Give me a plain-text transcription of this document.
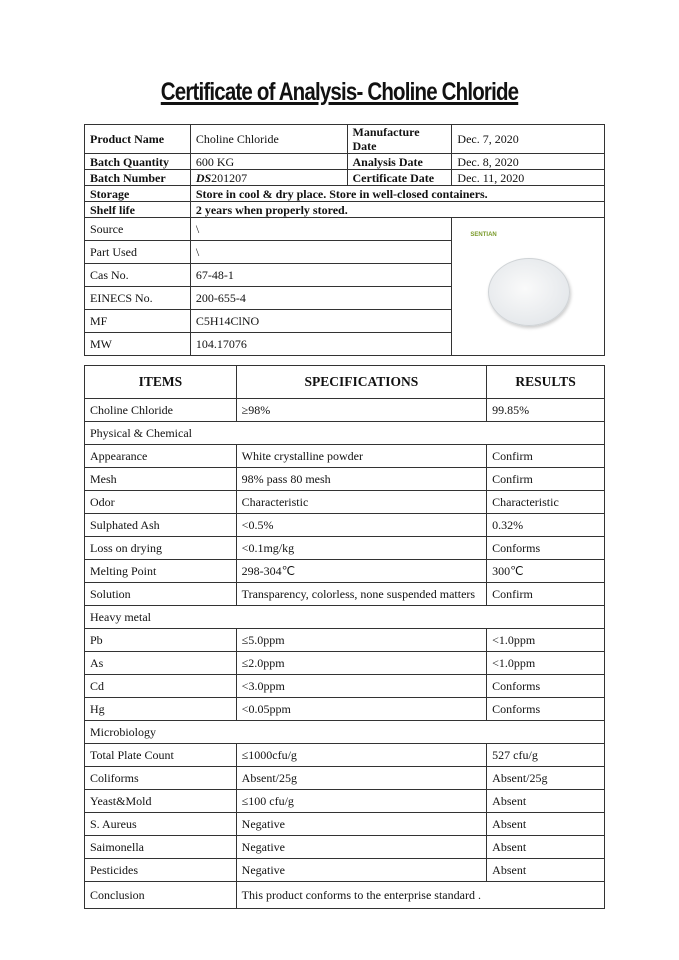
Certificate of Analysis- Choline Chloride
Product Name	Choline Chloride	Manufacture Date	Dec. 7, 2020
Batch Quantity	600 KG	Analysis Date	Dec. 8, 2020
Batch Number	DS201207	Certificate Date	Dec. 11, 2020
Storage	Store in cool & dry place. Store in well-closed containers.		
Shelf life	2 years when properly stored.		
Source	\		SENTIAN

Part Used	\		
Cas No.	67-48-1		
EINECS No.	200-655-4		
MF	C5H14ClNO		
MW	104.17076		
ITEMS	SPECIFICATIONS	RESULTS
Choline Chloride	≥98%	99.85%
Physical & Chemical		
Appearance	White crystalline powder	Confirm
Mesh	98% pass 80 mesh	Confirm
Odor	Characteristic	Characteristic
Sulphated Ash	<0.5%	0.32%
Loss on drying	<0.1mg/kg	Conforms
Melting Point	298-304℃	300℃
Solution	Transparency, colorless, none suspended matters	Confirm
Heavy metal		
Pb	≤5.0ppm	<1.0ppm
As	≤2.0ppm	<1.0ppm
Cd	<3.0ppm	Conforms
Hg	<0.05ppm	Conforms
Microbiology		
Total Plate Count	≤1000cfu/g	527 cfu/g
Coliforms	Absent/25g	Absent/25g
Yeast&Mold	≤100 cfu/g	Absent
S. Aureus	Negative	Absent
Saimonella	Negative	Absent
Pesticides	Negative	Absent
Conclusion	This product conforms to the enterprise standard .	
